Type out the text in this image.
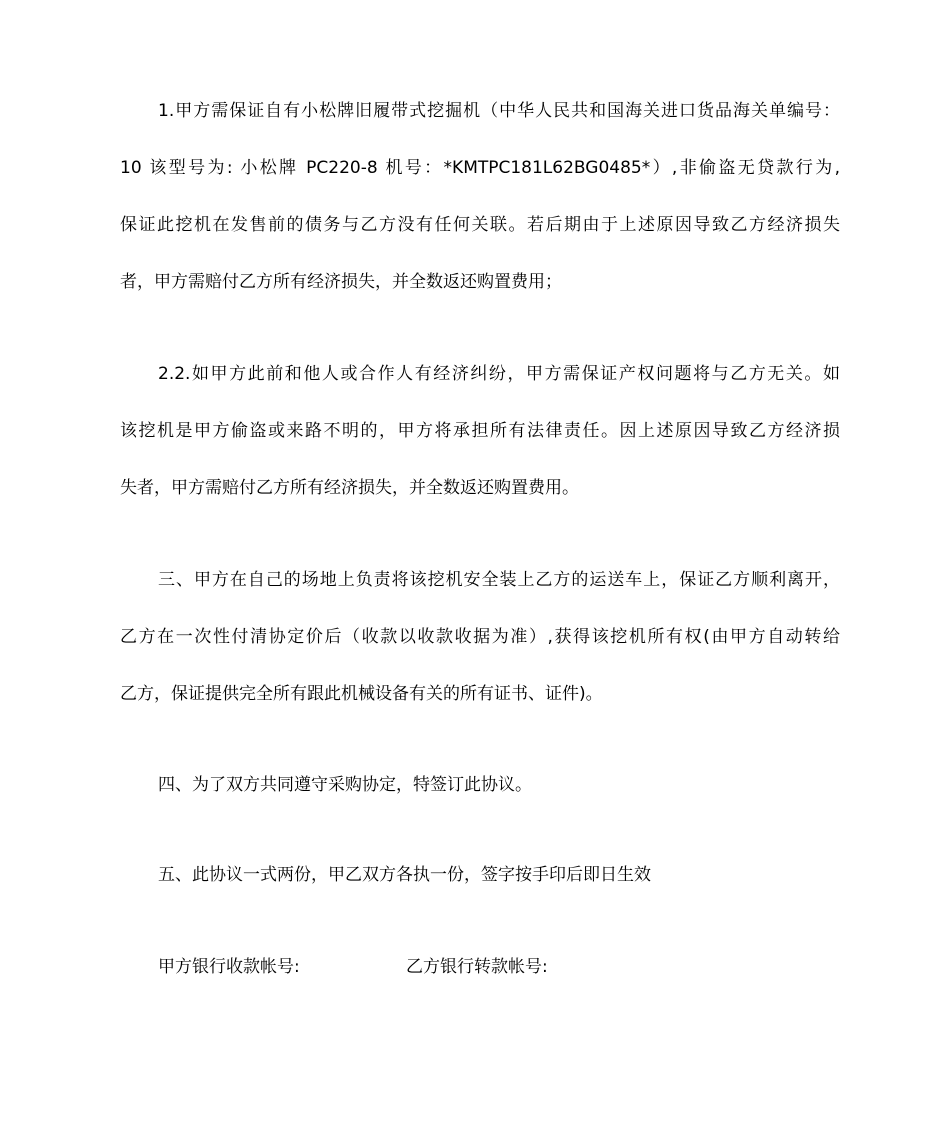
1.甲方需保证自有小松牌旧履带式挖掘机（中华人民共和国海关进口货品海关单编号：
10 该型号为: 小松牌 PC220-8 机号：*KMTPC181L62BG0485*）,非偷盗无贷款行为,
保证此挖机在发售前的债务与乙方没有任何关联。若后期由于上述原因导致乙方经济损失
者，甲方需赔付乙方所有经济损失，并全数返还购置费用；
2.2.如甲方此前和他人或合作人有经济纠纷，甲方需保证产权问题将与乙方无关。如
该挖机是甲方偷盗或来路不明的，甲方将承担所有法律责任。因上述原因导致乙方经济损
失者，甲方需赔付乙方所有经济损失，并全数返还购置费用。
三、甲方在自己的场地上负责将该挖机安全装上乙方的运送车上，保证乙方顺利离开，
乙方在一次性付清协定价后（收款以收款收据为准）,获得该挖机所有权(由甲方自动转给
乙方，保证提供完全所有跟此机械设备有关的所有证书、证件)。
四、为了双方共同遵守采购协定，特签订此协议。
五、此协议一式两份，甲乙双方各执一份，签字按手印后即日生效
甲方银行收款帐号:	乙方银行转款帐号:
